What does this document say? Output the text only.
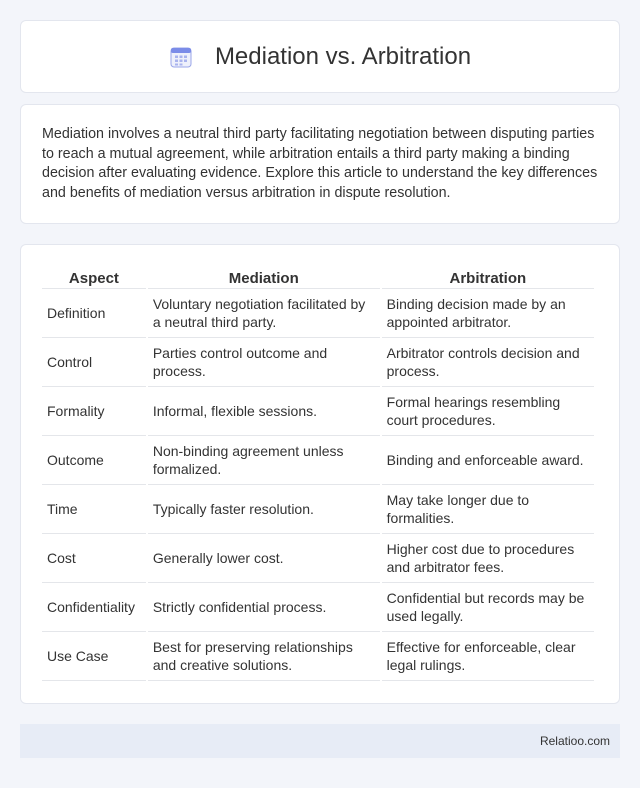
Mediation vs. Arbitration

Mediation involves a neutral third party facilitating negotiation between disputing parties to reach a mutual agreement, while arbitration entails a third party making a binding decision after evaluating evidence. Explore this article to understand the key differences and benefits of mediation versus arbitration in dispute resolution.

Aspect	Mediation	Arbitration
Definition	Voluntary negotiation facilitated by a neutral third party.	Binding decision made by an appointed arbitrator.
Control	Parties control outcome and process.	Arbitrator controls decision and process.
Formality	Informal, flexible sessions.	Formal hearings resembling court procedures.
Outcome	Non-binding agreement unless formalized.	Binding and enforceable award.
Time	Typically faster resolution.	May take longer due to formalities.
Cost	Generally lower cost.	Higher cost due to procedures and arbitrator fees.
Confidentiality	Strictly confidential process.	Confidential but records may be used legally.
Use Case	Best for preserving relationships and creative solutions.	Effective for enforceable, clear legal rulings.
Relatioo.com
